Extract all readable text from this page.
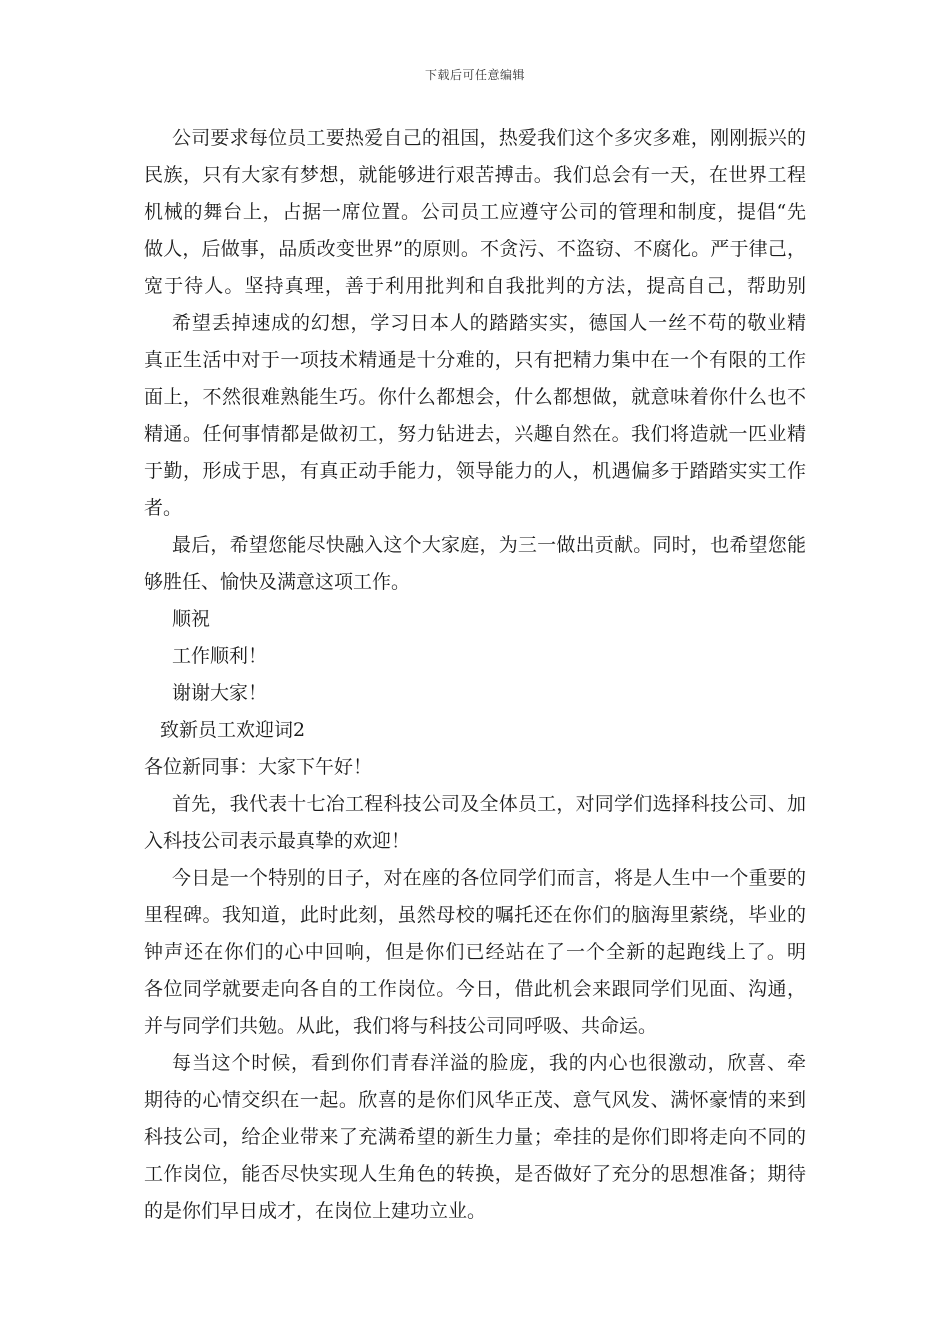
下载后可任意编辑
公司要求每位员工要热爱自己的祖国，热爱我们这个多灾多难，刚刚振兴的
民族，只有大家有梦想，就能够进行艰苦搏击。我们总会有一天，在世界工程
机械的舞台上，占据一席位置。公司员工应遵守公司的管理和制度，提倡“先
做人，后做事，品质改变世界”的原则。不贪污、不盗窃、不腐化。严于律己，
宽于待人。坚持真理，善于利用批判和自我批判的方法，提高自己，帮助别
希望丢掉速成的幻想，学习日本人的踏踏实实，德国人一丝不苟的敬业精
真正生活中对于一项技术精通是十分难的，只有把精力集中在一个有限的工作
面上，不然很难熟能生巧。你什么都想会，什么都想做，就意味着你什么也不
精通。任何事情都是做初工，努力钻进去，兴趣自然在。我们将造就一匹业精
于勤，形成于思，有真正动手能力，领导能力的人，机遇偏多于踏踏实实工作
者。
最后，希望您能尽快融入这个大家庭，为三一做出贡献。同时，也希望您能
够胜任、愉快及满意这项工作。
顺祝
工作顺利！
谢谢大家！
致新员工欢迎词2
各位新同事：大家下午好！
首先，我代表十七冶工程科技公司及全体员工，对同学们选择科技公司、加
入科技公司表示最真挚的欢迎！
今日是一个特别的日子，对在座的各位同学们而言，将是人生中一个重要的
里程碑。我知道，此时此刻，虽然母校的嘱托还在你们的脑海里萦绕，毕业的
钟声还在你们的心中回响，但是你们已经站在了一个全新的起跑线上了。明
各位同学就要走向各自的工作岗位。今日，借此机会来跟同学们见面、沟通，
并与同学们共勉。从此，我们将与科技公司同呼吸、共命运。
每当这个时候，看到你们青春洋溢的脸庞，我的内心也很激动，欣喜、牵
期待的心情交织在一起。欣喜的是你们风华正茂、意气风发、满怀豪情的来到
科技公司，给企业带来了充满希望的新生力量；牵挂的是你们即将走向不同的
工作岗位，能否尽快实现人生角色的转换，是否做好了充分的思想准备；期待
的是你们早日成才，在岗位上建功立业。
